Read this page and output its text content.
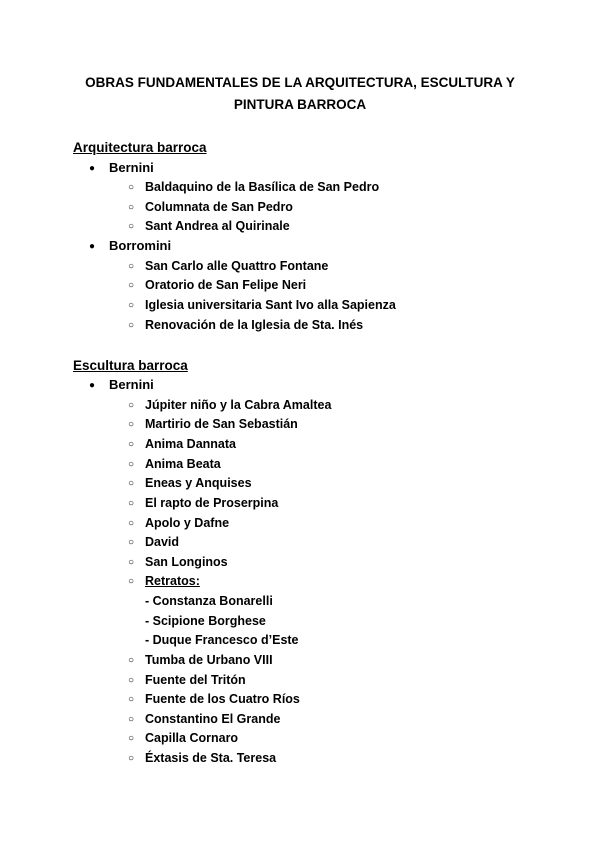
OBRAS FUNDAMENTALES DE LA ARQUITECTURA, ESCULTURA Y
PINTURA BARROCA
Arquitectura barroca
● Bernini
○ Baldaquino de la Basílica de San Pedro
○ Columnata de San Pedro
○ Sant Andrea al Quirinale
● Borromini
○ San Carlo alle Quattro Fontane
○ Oratorio de San Felipe Neri
○ Iglesia universitaria Sant Ivo alla Sapienza
○ Renovación de la Iglesia de Sta. Inés
Escultura barroca
● Bernini
○ Júpiter niño y la Cabra Amaltea
○ Martirio de San Sebastián
○ Anima Dannata
○ Anima Beata
○ Eneas y Anquises
○ El rapto de Proserpina
○ Apolo y Dafne
○ David
○ San Longinos
○ Retratos:
- Constanza Bonarelli
- Scipione Borghese
- Duque Francesco d’Este
○ Tumba de Urbano VIII
○ Fuente del Tritón
○ Fuente de los Cuatro Ríos
○ Constantino El Grande
○ Capilla Cornaro
○ Éxtasis de Sta. Teresa
